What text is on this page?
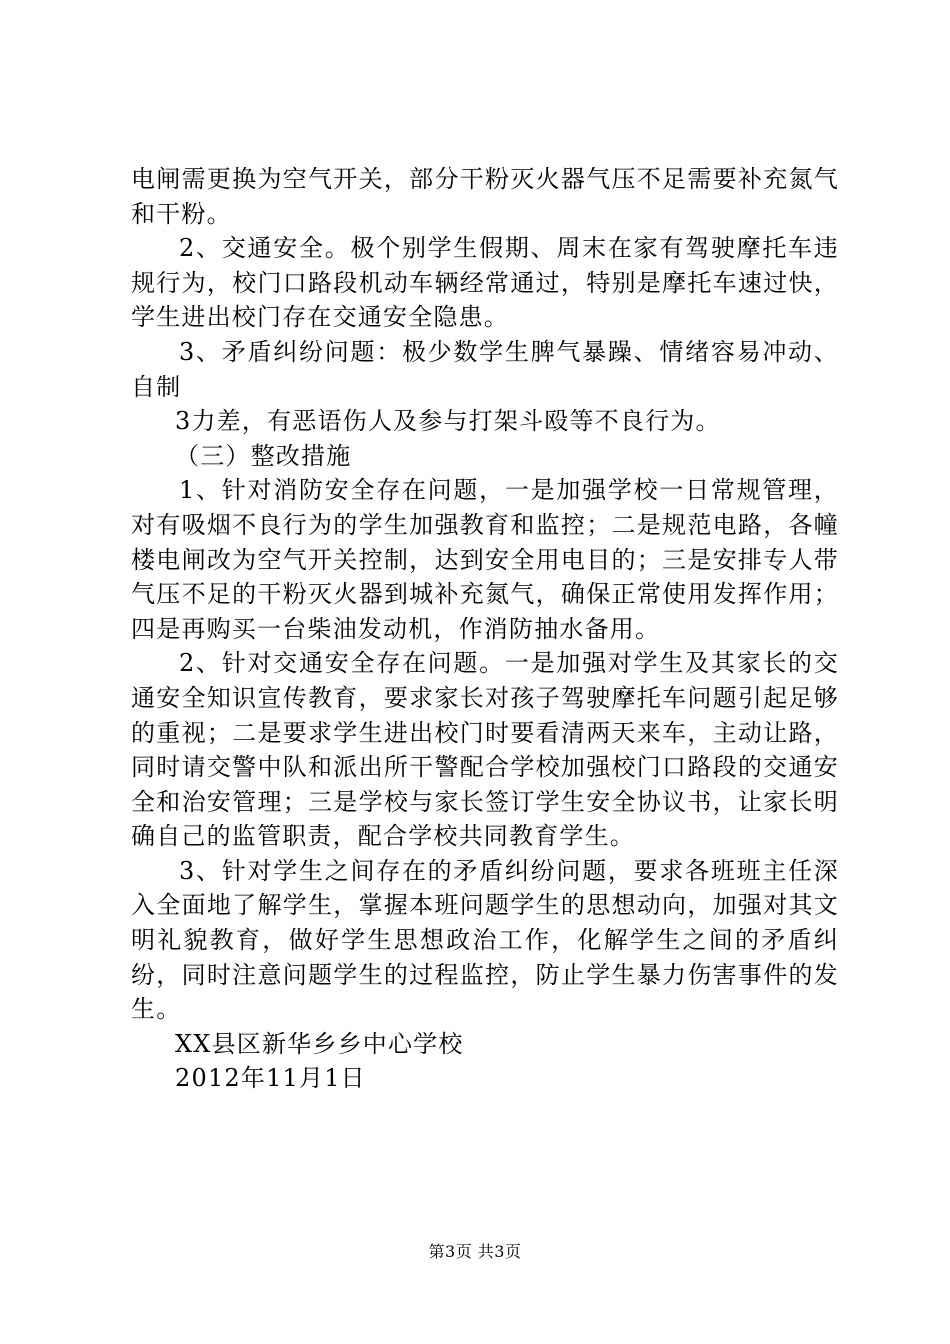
电闸需更换为空气开关，部分干粉灭火器气压不足需要补充氮气和干粉。

2、交通安全。极个别学生假期、周末在家有驾驶摩托车违规行为，校门口路段机动车辆经常通过，特别是摩托车速过快，学生进出校门存在交通安全隐患。

3、矛盾纠纷问题：极少数学生脾气暴躁、情绪容易冲动、自制

3力差，有恶语伤人及参与打架斗殴等不良行为。

（三）整改措施

1、针对消防安全存在问题，一是加强学校一日常规管理，对有吸烟不良行为的学生加强教育和监控；二是规范电路，各幢楼电闸改为空气开关控制，达到安全用电目的；三是安排专人带气压不足的干粉灭火器到城补充氮气，确保正常使用发挥作用；四是再购买一台柴油发动机，作消防抽水备用。

2、针对交通安全存在问题。一是加强对学生及其家长的交通安全知识宣传教育，要求家长对孩子驾驶摩托车问题引起足够的重视；二是要求学生进出校门时要看清两天来车，主动让路，同时请交警中队和派出所干警配合学校加强校门口路段的交通安全和治安管理；三是学校与家长签订学生安全协议书，让家长明确自己的监管职责，配合学校共同教育学生。

3、针对学生之间存在的矛盾纠纷问题，要求各班班主任深入全面地了解学生，掌握本班问题学生的思想动向，加强对其文明礼貌教育，做好学生思想政治工作，化解学生之间的矛盾纠纷，同时注意问题学生的过程监控，防止学生暴力伤害事件的发生。

XX县区新华乡乡中心学校

2012年11月1日

第3页 共3页
